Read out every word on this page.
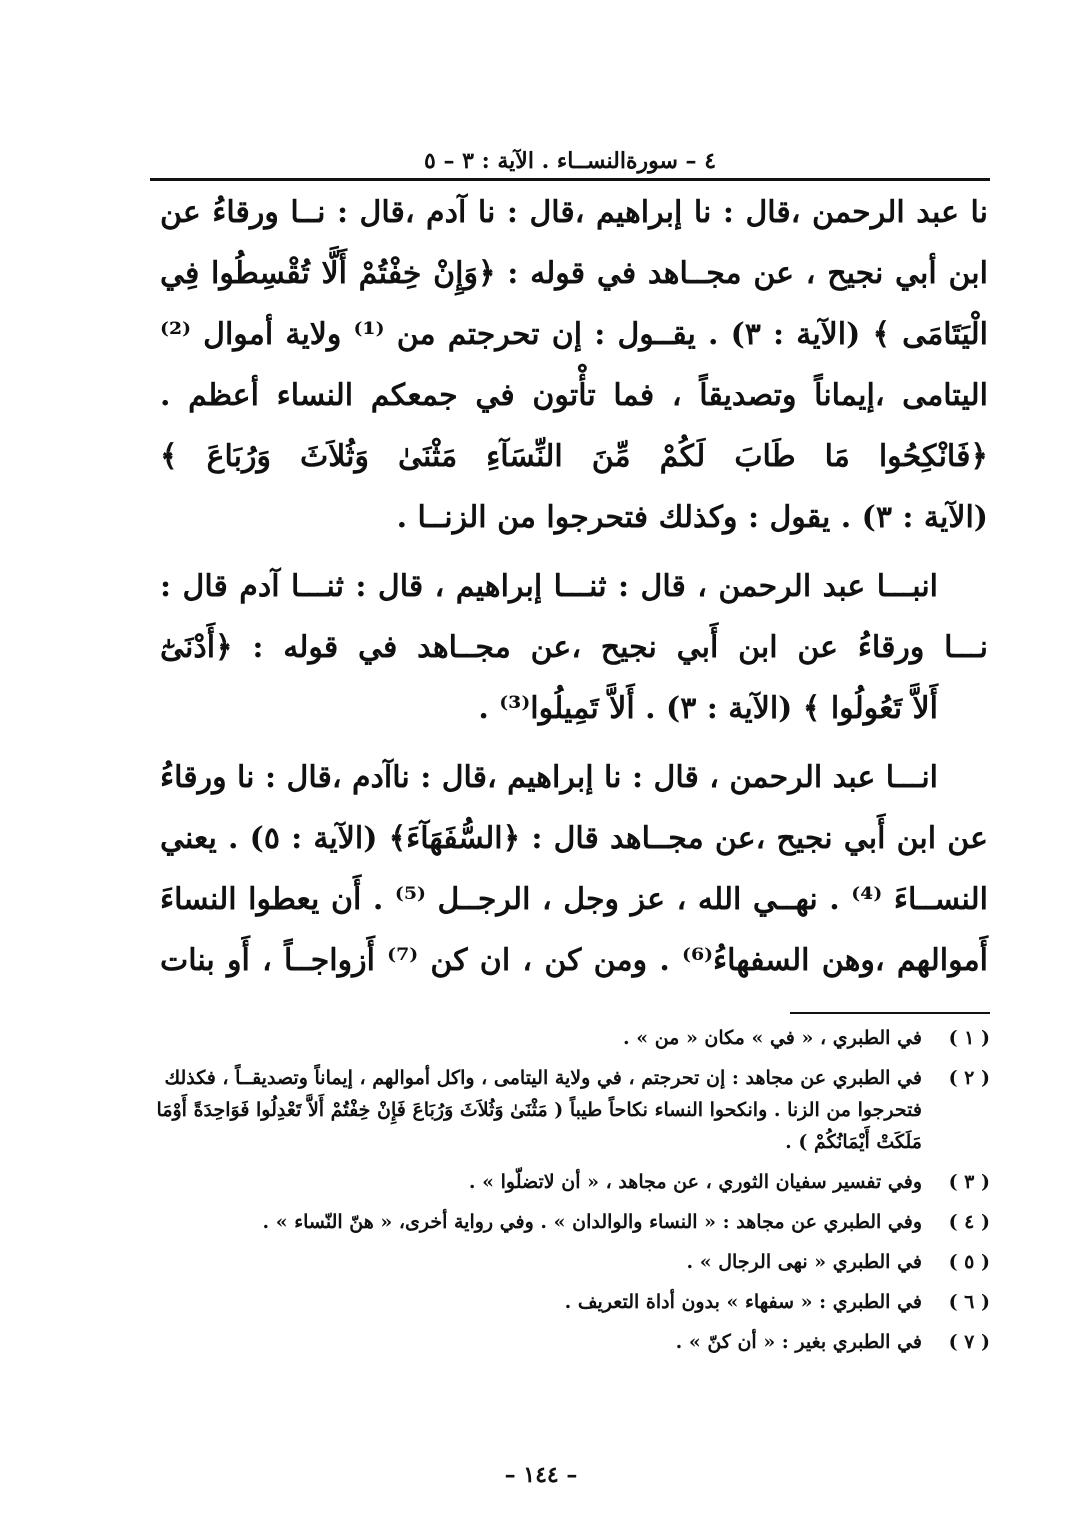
٤ – سورةالنســاء . الآية : ٣ – ٥

نا عبد الرحمن ،قال : نا إبراهيم ،قال : نا آدم ،قال : نــا ورقاءُ عن ابن أبي نجيح ، عن مجــاهد في قوله : ﴿وَإِنْ خِفْتُمْ أَلَّا تُقْسِطُوا فِي الْيَتَامَى ﴾ (الآية : ٣) . يقــول : إن تحرجتم من ⁽¹⁾ ولاية أموال ⁽²⁾ اليتامى ،إيماناً وتصديقاً ، فما تأْتون في جمعكم النساء أعظم . ﴿فَانْكِحُوا مَا طَابَ لَكُمْ مِّنَ النِّسَآءِ مَثْنَىٰ وَثُلاَثَ وَرُبَاعَ ﴾
(الآية : ٣) . يقول : وكذلك فتحرجوا من الزنــا .

انبـــا عبد الرحمن ، قال : ثنـــا إبراهيم ، قال : ثنـــا آدم قال : نـــا ورقاءُ عن ابن أَبي نجيح ،عن مجــاهد في قوله : ﴿أَدْنَىٰٓ
أَلاَّ تَعُولُوا ﴾ (الآية : ٣) . أَلاَّ تَمِيلُوا⁽³⁾ .

انـــا عبد الرحمن ، قال : نا إبراهيم ،قال : ناآدم ،قال : نا ورقاءُ عن ابن أَبي نجيح ،عن مجــاهد قال : ﴿السُّفَهَآءَ﴾ (الآية : ٥) . يعني النســاءَ ⁽⁴⁾ . نهــي الله ، عز وجل ، الرجــل ⁽⁵⁾ . أَن يعطوا النساءَ أَموالهم ،وهن السفهاءُ⁽⁶⁾ . ومن كن ، ان كن ⁽⁷⁾ أَزواجــاً ، أَو بنات

( ١ )
في الطبري ، « في » مكان « من » .
( ٢ )
في الطبري عن مجاهد : إن تحرجتم ، في ولاية اليتامى ، واكل أموالهم ، إيماناً وتصديقــاً ، فكذلك فتحرجوا من الزنا . وانكحوا النساء نكاحاً طيباً ( مَثْنَىٰ وَثُلاَثَ وَرُبَاعَ فَإِنْ خِفْتُمْ أَلاَّ تَعْدِلُوا فَوَاحِدَةً أَوْمَا مَلَكَتْ أَيْمَانُكُمْ ) .
( ٣ )
وفي تفسير سفيان الثوري ، عن مجاهد ، « أن لاتضلّوا » .
( ٤ )
وفي الطبري عن مجاهد : « النساء والوالدان » . وفي رواية أخرى، « هنّ النّساء » .
( ٥ )
في الطبري « نهى الرجال » .
( ٦ )
في الطبري : « سفهاء » بدون أداة التعريف .
( ٧ )
في الطبري بغير : « أن كنّ » .
– ١٤٤ –
